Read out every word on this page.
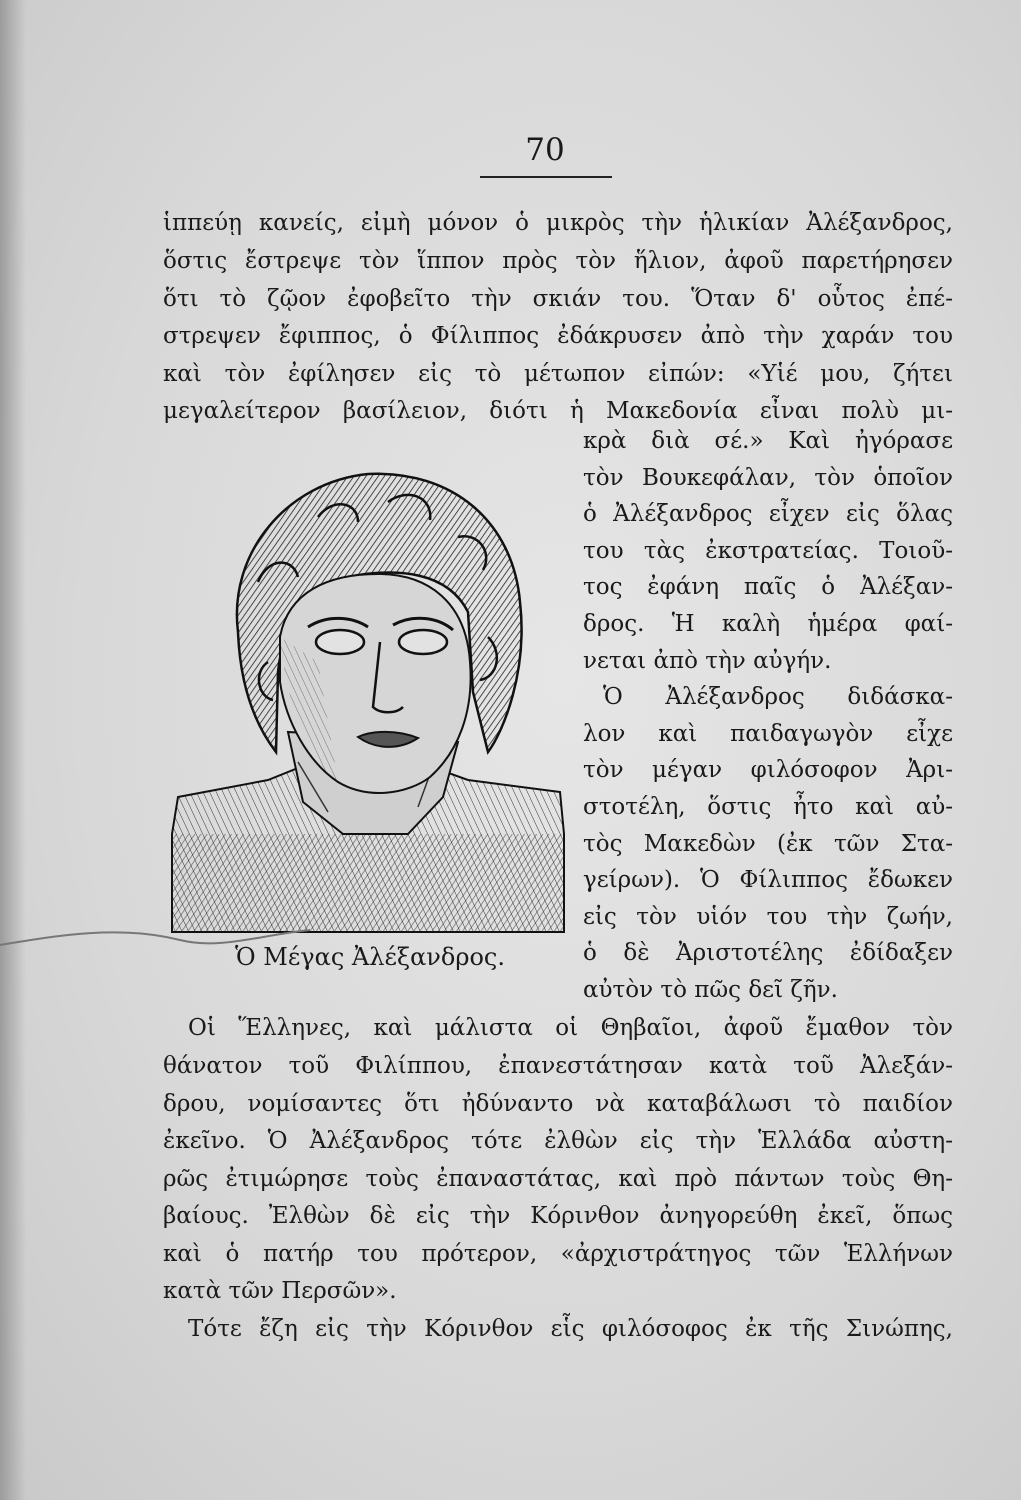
70
ἱππεύῃ κανείς, εἰμὴ μόνον ὁ μικρὸς τὴν ἡλικίαν Ἀλέξανδρος,
ὅστις ἔστρεψε τὸν ἵππον πρὸς τὸν ἥλιον, ἀφοῦ παρετήρησεν
ὅτι τὸ ζῷον ἐφοβεῖτο τὴν σκιάν του. Ὅταν δ' οὗτος ἐπέ-
στρεψεν ἔφιππος, ὁ Φίλιππος ἐδάκρυσεν ἀπὸ τὴν χαράν του
καὶ τὸν ἐφίλησεν εἰς τὸ μέτωπον εἰπών: «Υἱέ μου, ζήτει
μεγαλείτερον βασίλειον, διότι ἡ Μακεδονία εἶναι πολὺ μι-
κρὰ διὰ σέ.» Καὶ ἠγόρασε
τὸν Βουκεφάλαν, τὸν ὁποῖον
ὁ Ἀλέξανδρος εἶχεν εἰς ὅλας
του τὰς ἐκστρατείας. Τοιοῦ-
τος ἐφάνη παῖς ὁ Ἀλέξαν-
δρος. Ἡ καλὴ ἡμέρα φαί-
νεται ἀπὸ τὴν αὐγήν.
Ὁ Ἀλέξανδρος διδάσκα-
λον καὶ παιδαγωγὸν εἶχε
τὸν μέγαν φιλόσοφον Ἀρι-
στοτέλη, ὅστις ἦτο καὶ αὐ-
τὸς Μακεδὼν (ἐκ τῶν Στα-
γείρων). Ὁ Φίλιππος ἔδωκεν
εἰς τὸν υἱόν του τὴν ζωήν,
ὁ δὲ Ἀριστοτέλης ἐδίδαξεν
αὐτὸν τὸ πῶς δεῖ ζῆν.
Ὁ Μέγας Ἀλέξανδρος.
Οἱ Ἕλληνες, καὶ μάλιστα οἱ Θηβαῖοι, ἀφοῦ ἔμαθον τὸν
θάνατον τοῦ Φιλίππου, ἐπανεστάτησαν κατὰ τοῦ Ἀλεξάν-
δρου, νομίσαντες ὅτι ἠδύναντο νὰ καταβάλωσι τὸ παιδίον
ἐκεῖνο. Ὁ Ἀλέξανδρος τότε ἐλθὼν εἰς τὴν Ἑλλάδα αὐστη-
ρῶς ἐτιμώρησε τοὺς ἐπαναστάτας, καὶ πρὸ πάντων τοὺς Θη-
βαίους. Ἐλθὼν δὲ εἰς τὴν Κόρινθον ἀνηγορεύθη ἐκεῖ, ὅπως
καὶ ὁ πατήρ του πρότερον, «ἀρχιστράτηγος τῶν Ἑλλήνων
κατὰ τῶν Περσῶν».
Τότε ἔζη εἰς τὴν Κόρινθον εἷς φιλόσοφος ἐκ τῆς Σινώπης,
